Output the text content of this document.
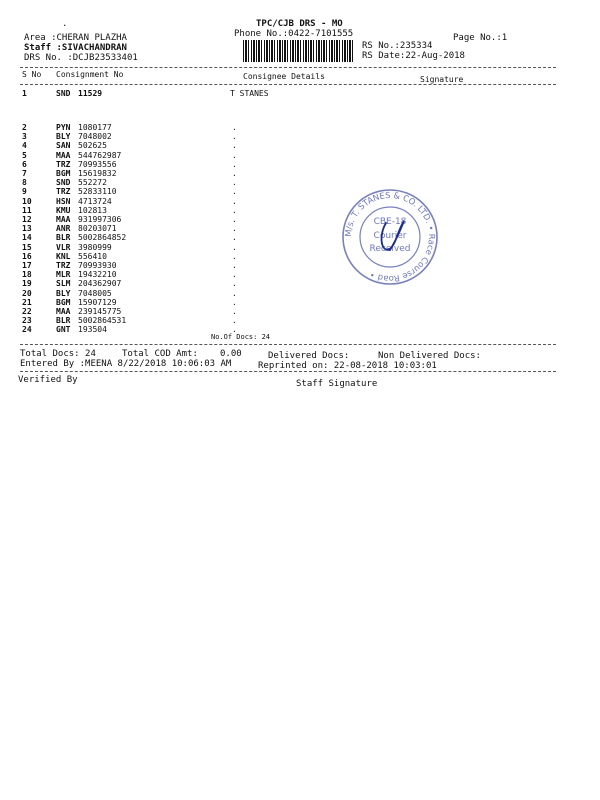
.	TPC/CJB DRS - MO
Phone No.:0422-7101555	Page No.:1
Area :CHERAN PLAZHA
Staff :SIVACHANDRAN
DRS No. :DCJB23533401
RS No.:235334
RS Date:22-Aug-2018
S No Consignment No	Consignee Details	Signature
1	SND 11529	T STANES
2	PYN 1080177	.
3	BLY 7048002	.
4	SAN 502625	.
5	MAA 544762987	.
6	TRZ 70993556	.
7	BGM 15619832	.
8	SND 552272	.
9	TRZ 52833110	.
10	HSN 4713724	.
11	KMU 102813	.
12	MAA 931997306	.
13	ANR 80203071	.
14	BLR 5002864852	.
15	VLR 3980999	.
16	KNL 556410	.
17	TRZ 70993930	.
18	MLR 19432210	.
19	SLM 204362907	.
20	BLY 7048005	.
21	BGM 15907129	.
22	MAA 239145775	.
23	BLR 5002864531	.
24	GNT 193504	.
No.Of Docs: 24
Total Docs: 24	Total COD Amt: 0.00	Delivered Docs:	Non Delivered Docs:
Entered By :MEENA 8/22/2018 10:06:03 AM	Reprinted on: 22-08-2018 10:03:01
Verified By	Staff Signature
M/s. T. STANES & CO. LTD. • Race Course Road •
CBE-18
Courier
Received
